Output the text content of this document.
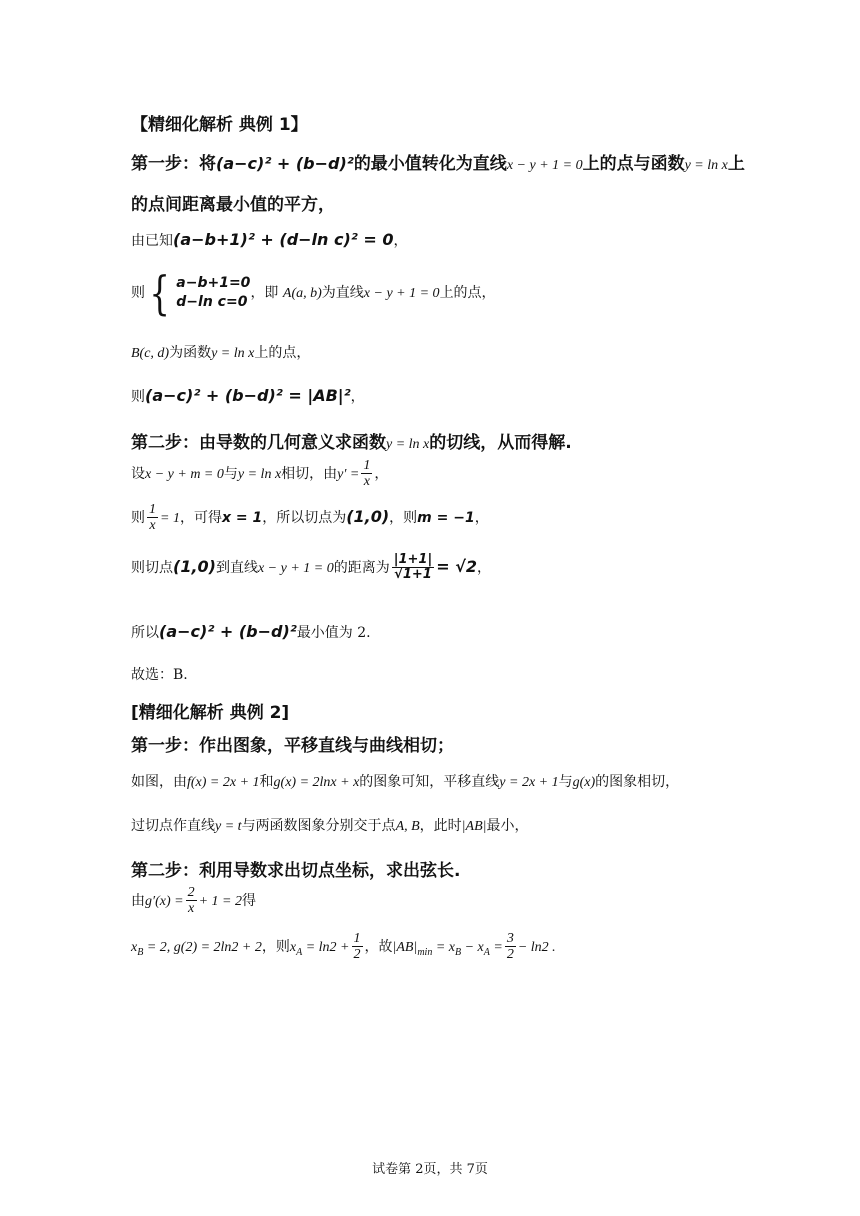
【精细化解析 典例 1】
第一步：将(a−c)² + (b−d)²的最小值转化为直线x − y + 1 = 0上的点与函数y = ln x上
的点间距离最小值的平方，
由已知(a−b+1)² + (d−ln c)² = 0，
则{ a−b+1=0
d−ln c=0
，即 A(a, b)为直线x − y + 1 = 0上的点，
B(c, d)为函数y = ln x上的点，
则(a−c)² + (b−d)² = |AB|²，
第二步：由导数的几何意义求函数y = ln x的切线，从而得解.
设x − y + m = 0与y = ln x相切，由$y' = \frac{1}{x}$ ，
则 $\frac{1}{x} = 1$，可得x = 1，所以切点为(1,0)，则m = −1，
则切点(1,0)到直线x − y + 1 = 0的距离为 $\frac{|1+1|}{√1+1} = √2$，
所以(a−c)² + (b−d)²最小值为 2.
故选：B.
[精细化解析 典例 2]
第一步：作出图象，平移直线与曲线相切；
如图，由f(x) = 2x + 1和g(x) = 2lnx + x的图象可知，平移直线y = 2x + 1与g(x)的图象相切，
过切点作直线y = t与两函数图象分别交于点A, B，此时|AB|最小，
第二步：利用导数求出切点坐标，求出弦长.
由$g'(x) = \frac{2}{x} + 1 = 2$得
$x_B = 2$, g(2) = 2ln2 + 2，则$x_A = \ln 2 + \frac{1}{2}$ ，故$|AB|_{min} = x_B - x_A = \frac{3}{2} - \ln 2$ .
试卷第 2页，共 7页
